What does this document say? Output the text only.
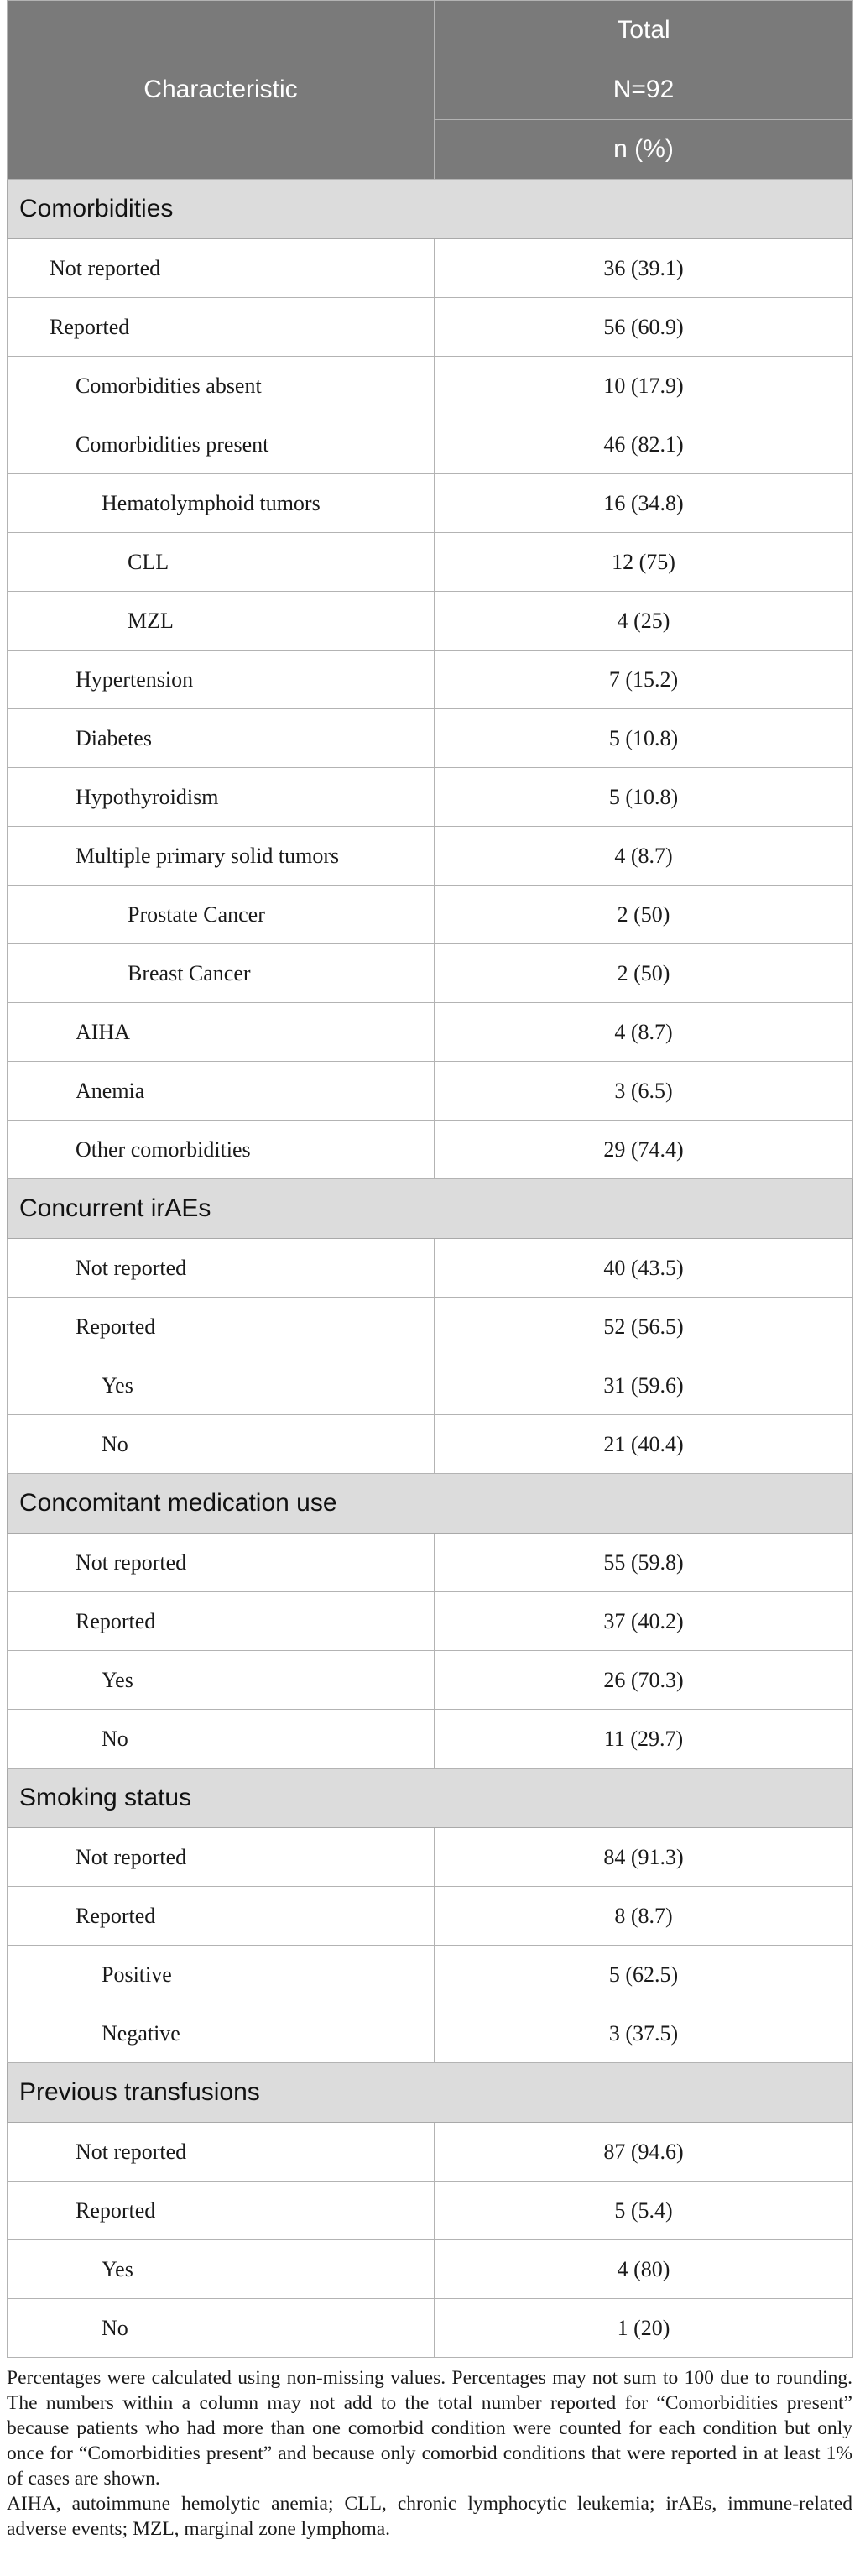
Characteristic	Total
	N=92
	n (%)
Comorbidities	
Not reported	36 (39.1)
Reported	56 (60.9)
Comorbidities absent	10 (17.9)
Comorbidities present	46 (82.1)
Hematolymphoid tumors	16 (34.8)
CLL	12 (75)
MZL	4 (25)
Hypertension	7 (15.2)
Diabetes	5 (10.8)
Hypothyroidism	5 (10.8)
Multiple primary solid tumors	4 (8.7)
Prostate Cancer	2 (50)
Breast Cancer	2 (50)
AIHA	4 (8.7)
Anemia	3 (6.5)
Other comorbidities	29 (74.4)
Concurrent irAEs	
Not reported	40 (43.5)
Reported	52 (56.5)
Yes	31 (59.6)
No	21 (40.4)
Concomitant medication use	
Not reported	55 (59.8)
Reported	37 (40.2)
Yes	26 (70.3)
No	11 (29.7)
Smoking status	
Not reported	84 (91.3)
Reported	8 (8.7)
Positive	5 (62.5)
Negative	3 (37.5)
Previous transfusions	
Not reported	87 (94.6)
Reported	5 (5.4)
Yes	4 (80)
No	1 (20)

Percentages were calculated using non-missing values. Percentages may not sum to 100 due to rounding. The numbers within a column may not add to the total number reported for “Comorbidities present” because patients who had more than one comorbid condition were counted for each condition but only once for “Comorbidities present” and because only comorbid conditions that were reported in at least 1% of cases are shown.

AIHA, autoimmune hemolytic anemia; CLL, chronic lymphocytic leukemia; irAEs, immune-related adverse events; MZL, marginal zone lymphoma.
